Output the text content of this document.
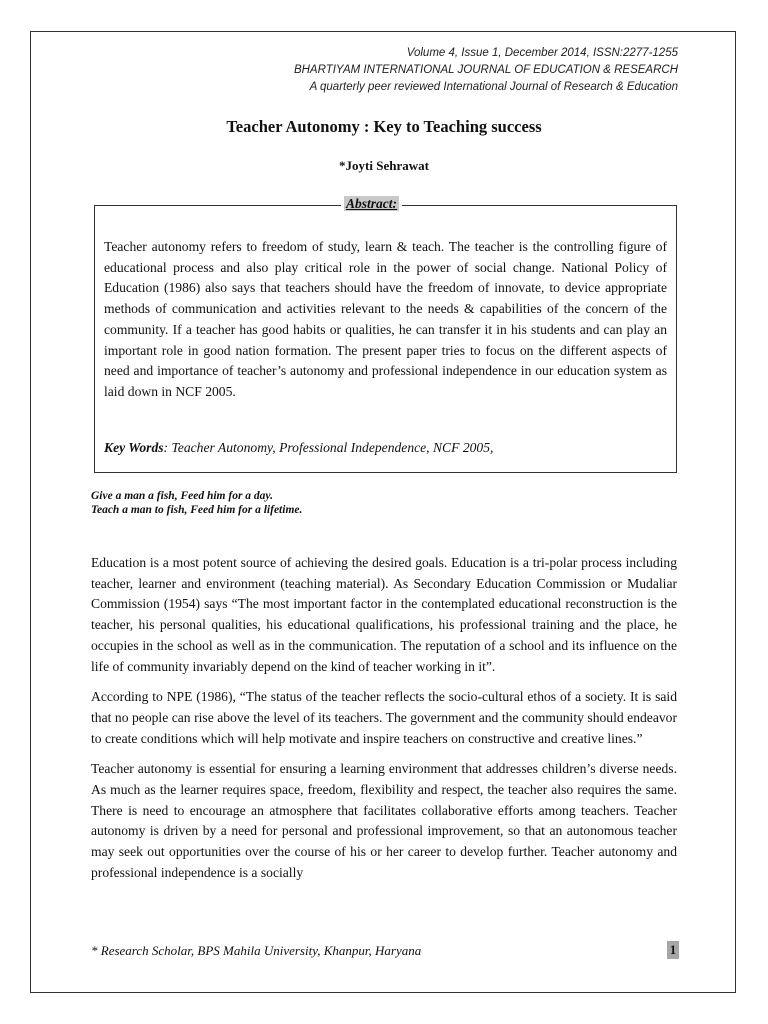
Volume 4, Issue 1, December 2014, ISSN:2277-1255
BHARTIYAM INTERNATIONAL JOURNAL OF EDUCATION & RESEARCH
A quarterly peer reviewed International Journal of Research & Education
Teacher Autonomy : Key to Teaching success
*Joyti Sehrawat
Abstract:
Teacher autonomy refers to freedom of study, learn & teach. The teacher is the controlling figure of educational process and also play critical role in the power of social change. National Policy of Education (1986) also says that teachers should have the freedom of innovate, to device appropriate methods of communication and activities relevant to the needs & capabilities of the concern of the community. If a teacher has good habits or qualities, he can transfer it in his students and can play an important role in good nation formation. The present paper tries to focus on the different aspects of need and importance of teacher’s autonomy and professional independence in our education system as laid down in NCF 2005.
Key Words: Teacher Autonomy, Professional Independence, NCF 2005,
Give a man a fish, Feed him for a day.
Teach a man to fish, Feed him for a lifetime.

Education is a most potent source of achieving the desired goals. Education is a tri-polar process including teacher, learner and environment (teaching material). As Secondary Education Commission or Mudaliar Commission (1954) says “The most important factor in the contemplated educational reconstruction is the teacher, his personal qualities, his educational qualifications, his professional training and the place, he occupies in the school as well as in the communication. The reputation of a school and its influence on the life of community invariably depend on the kind of teacher working in it”.

According to NPE (1986), “The status of the teacher reflects the socio-cultural ethos of a society. It is said that no people can rise above the level of its teachers. The government and the community should endeavor to create conditions which will help motivate and inspire teachers on constructive and creative lines.”

Teacher autonomy is essential for ensuring a learning environment that addresses children’s diverse needs. As much as the learner requires space, freedom, flexibility and respect, the teacher also requires the same. There is need to encourage an atmosphere that facilitates collaborative efforts among teachers. Teacher autonomy is driven by a need for personal and professional improvement, so that an autonomous teacher may seek out opportunities over the course of his or her career to develop further. Teacher autonomy and professional independence is a socially

* Research Scholar, BPS Mahila University, Khanpur, Haryana	1
